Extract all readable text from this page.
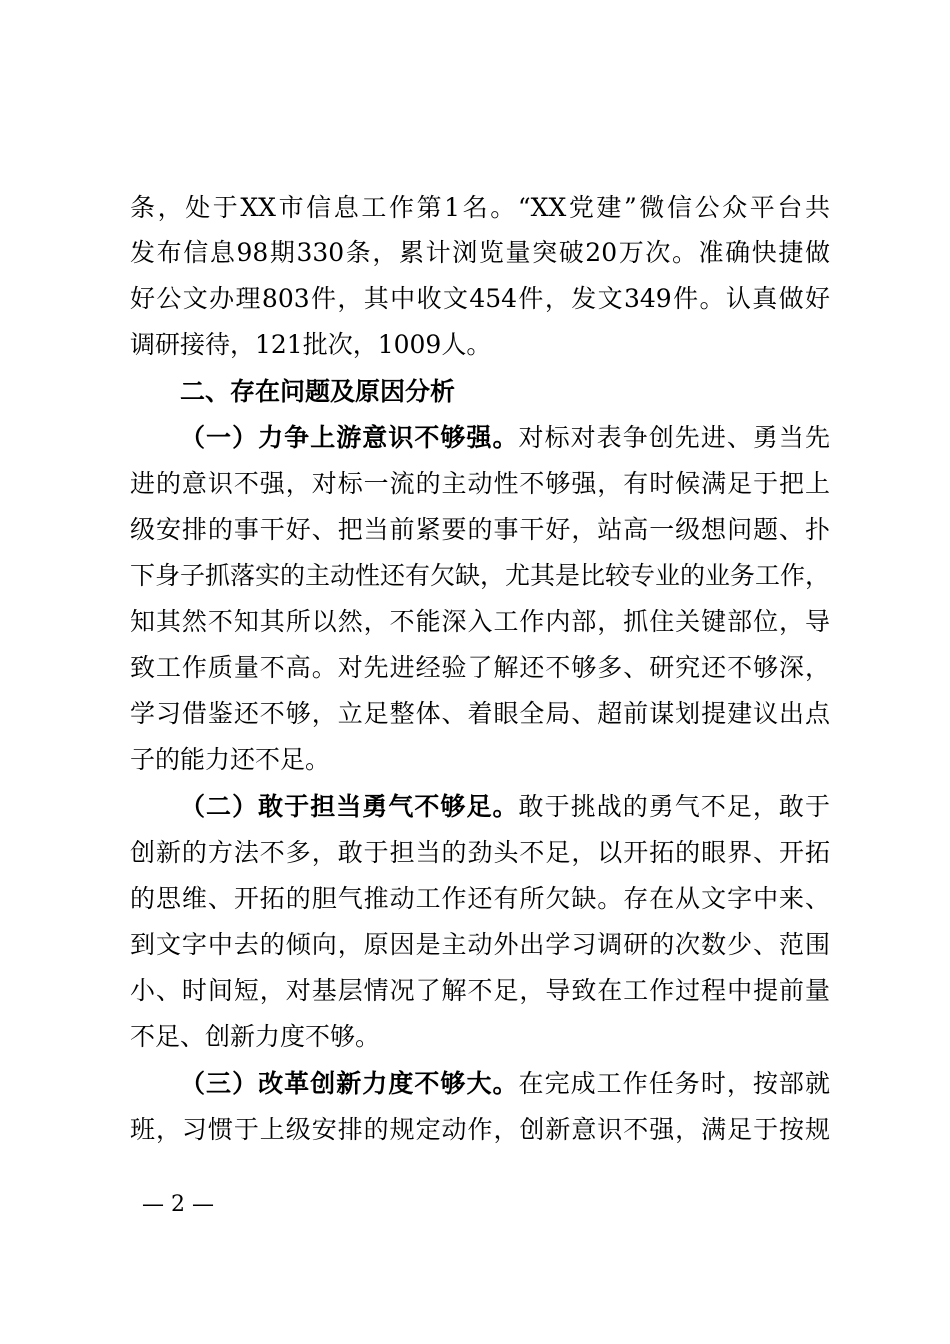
条，处于XX市信息工作第1名。“XX党建”微信公众平台共
发布信息98期330条，累计浏览量突破20万次。准确快捷做
好公文办理803件，其中收文454件，发文349件。认真做好
调研接待，121批次，1009人。
二、存在问题及原因分析
（一）力争上游意识不够强。对标对表争创先进、勇当先
进的意识不强，对标一流的主动性不够强，有时候满足于把上
级安排的事干好、把当前紧要的事干好，站高一级想问题、扑
下身子抓落实的主动性还有欠缺，尤其是比较专业的业务工作，
知其然不知其所以然，不能深入工作内部，抓住关键部位，导
致工作质量不高。对先进经验了解还不够多、研究还不够深，
学习借鉴还不够，立足整体、着眼全局、超前谋划提建议出点
子的能力还不足。
（二）敢于担当勇气不够足。敢于挑战的勇气不足，敢于
创新的方法不多，敢于担当的劲头不足，以开拓的眼界、开拓
的思维、开拓的胆气推动工作还有所欠缺。存在从文字中来、
到文字中去的倾向，原因是主动外出学习调研的次数少、范围
小、时间短，对基层情况了解不足，导致在工作过程中提前量
不足、创新力度不够。
（三）改革创新力度不够大。在完成工作任务时，按部就
班，习惯于上级安排的规定动作，创新意识不强，满足于按规
— 2 —
